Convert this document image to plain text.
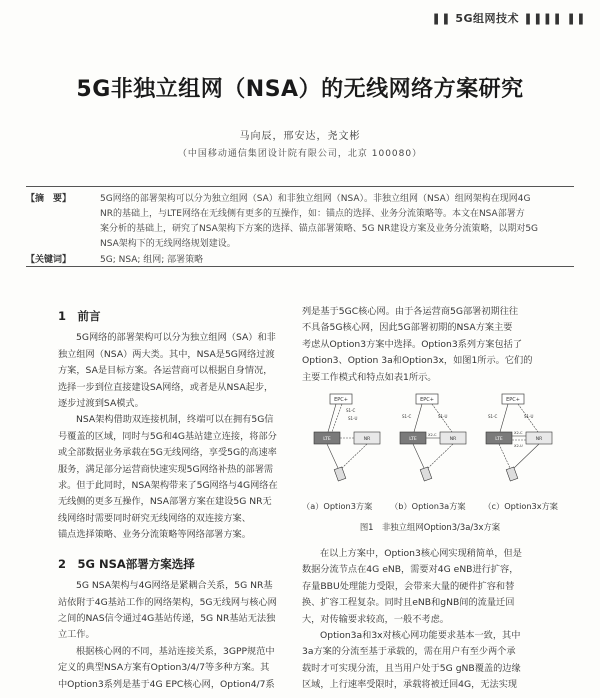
❚❚ 5G组网技术 ❚❚❚❚ ❚❚
5G非独立组网（NSA）的无线网络方案研究
马向辰，邢安达，尧文彬
（中国移动通信集团设计院有限公司，北京 100080）
【摘　要】	5G网络的部署架构可以分为独立组网（SA）和非独立组网（NSA）。非独立组网（NSA）组网架构在现网4G
NR的基础上，与LTE网络在无线侧有更多的互操作，如：锚点的选择、业务分流策略等。本文在NSA部署方
案分析的基础上，研究了NSA架构下方案的选择、锚点部署策略、5G NR建设方案及业务分流策略，以期对5G
NSA架构下的无线网络规划建设。
【关键词】	5G; NSA; 组网; 部署策略
1　前言
5G网络的部署架构可以分为独立组网（SA）和非
独立组网（NSA）两大类。其中，NSA是5G网络过渡
方案，SA是目标方案。各运营商可以根据自身情况，
选择一步到位直接建设SA网络，或者是从NSA起步，
逐步过渡到SA模式。
NSA架构借助双连接机制，终端可以在拥有5G信
号覆盖的区域，同时与5G和4G基站建立连接，将部分
或全部数据业务承载在5G无线网络，享受5G的高速率
服务，满足部分运营商快速实现5G网络补热的部署需
求。但于此同时，NSA架构带来了5G网络与4G网络在
无线侧的更多互操作，NSA部署方案在建设5G NR无
线网络时需要同时研究无线网络的双连接方案、
锚点选择策略、业务分流策略等网络部署方案。
2　5G NSA部署方案选择
5G NSA架构与4G网络是紧耦合关系，5G NR基
站依附于4G基站工作的网络架构，5G无线网与核心网
之间的NAS信令通过4G基站传递，5G NR基站无法独
立工作。
根据核心网的不同，基站连接关系，3GPP规范中
定义的典型NSA方案有Option3/4/7等多种方案。其
中Option3系列是基于4G EPC核心网，Option4/7系
列是基于5GC核心网。由于各运营商5G部署初期往往
不具备5G核心网，因此5G部署初期的NSA方案主要
考虑从Option3方案中选择。Option3系列方案包括了
Option3、Option 3a和Option3x，如图1所示。它们的
主要工作模式和特点如表1所示。
EPC+
LTE	NR
S1-C
S1-U
EPC+
LTE	NR
S1-C	S1-U
X2-C
EPC+
LTE	NR
S1-C	S1-U
X2-C
X2-U
（a）Option3方案 （b）Option3a方案 （c）Option3x方案
图1　非独立组网Option3/3a/3x方案
在以上方案中，Option3核心网实现稍简单，但是
数据分流节点在4G eNB，需要对4G eNB进行扩容，
存量BBU处理能力受限，会带来大量的硬件扩容和替
换、扩容工程复杂。同时且eNB和gNB间的流量迁回
大，对传输要求较高，一般不考虑。
Option3a和3x对核心网功能要求基本一致，其中
3a方案的分流至基于承载的，需在用户有至少两个承
载时才可实现分流，且当用户处于5G gNB覆盖的边缘
区域，上行速率受限时，承载将被迁回4G，无法实现
